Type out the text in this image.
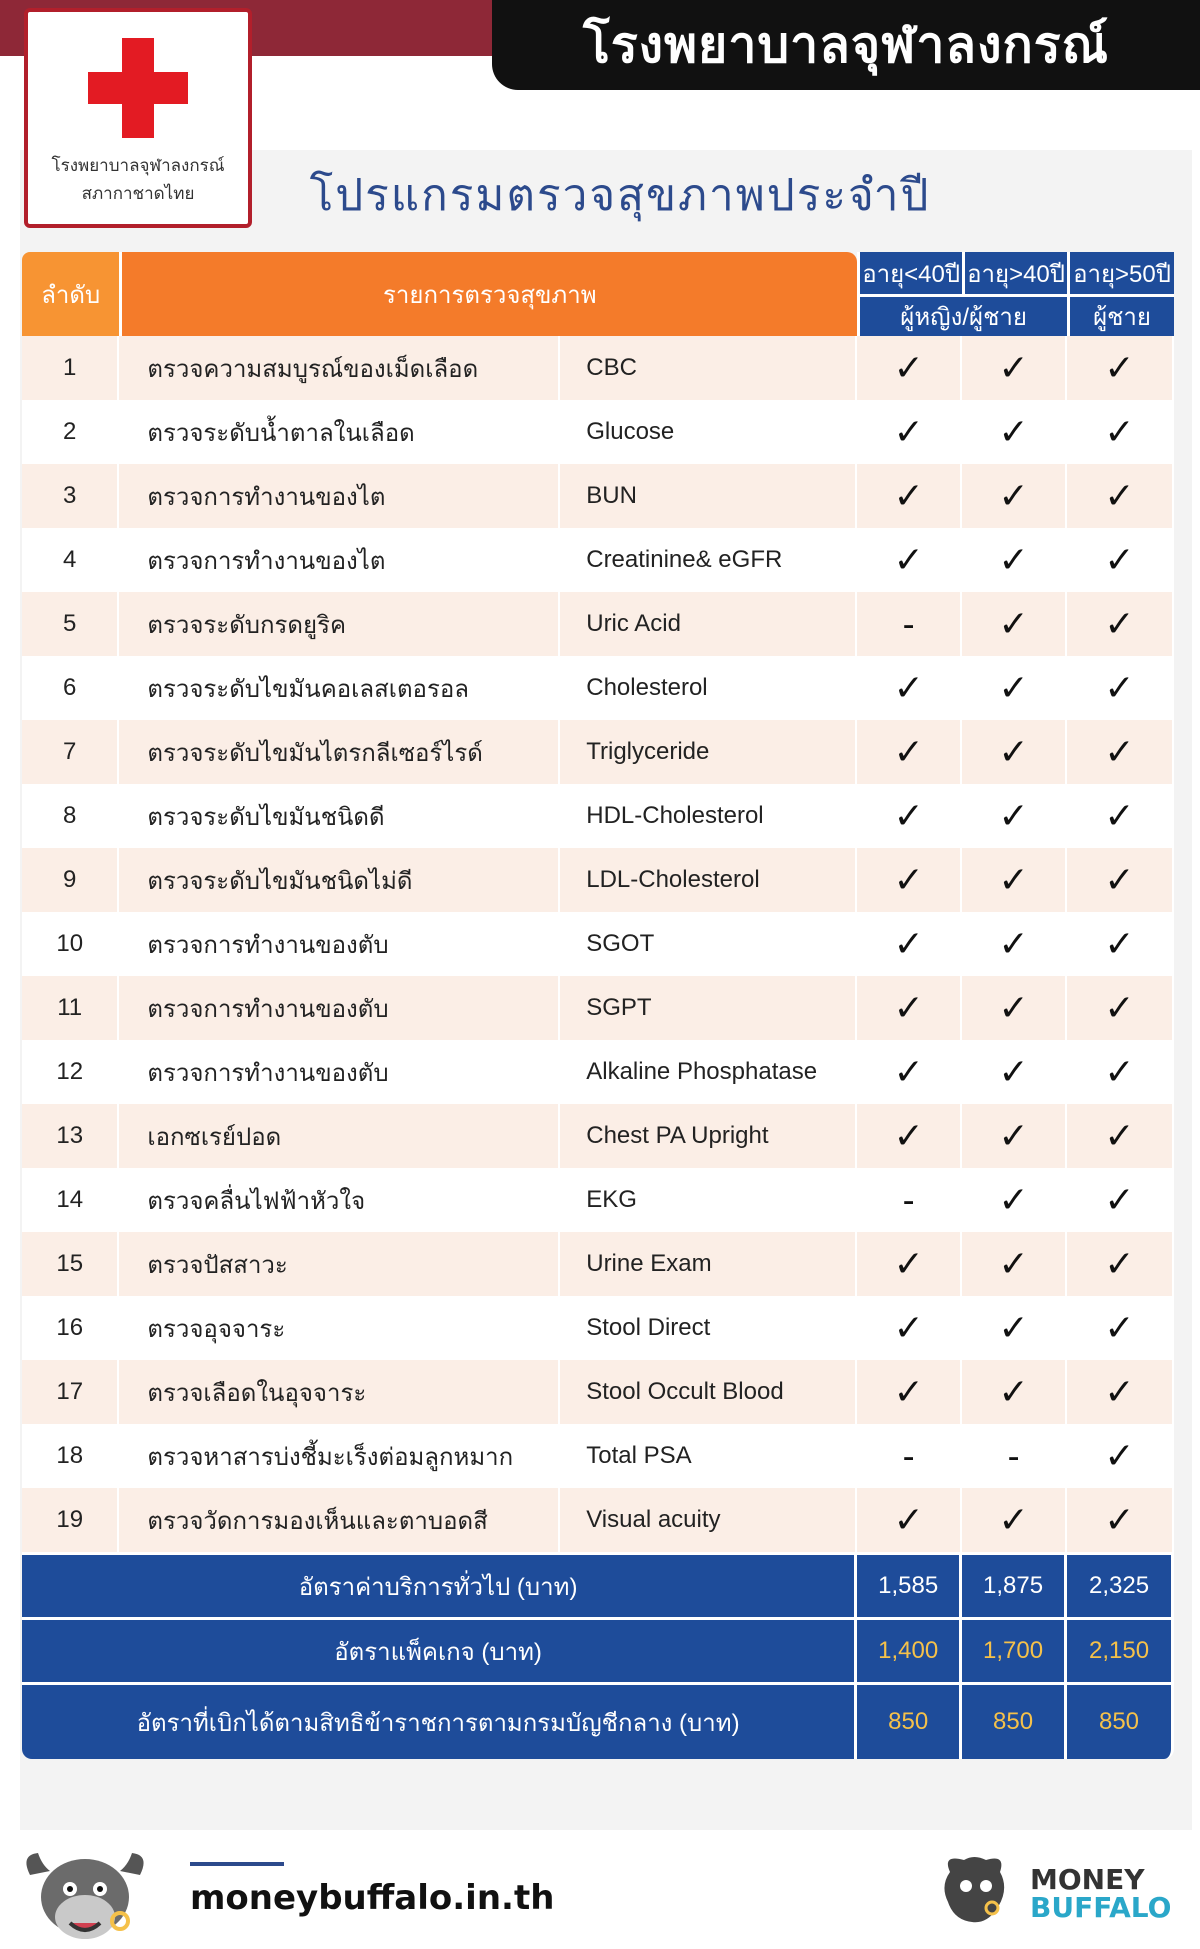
โรงพยาบาลจุฬาลงกรณ์
โรงพยาบาลจุฬาลงกรณ์
สภากาชาดไทย	โปรแกรมตรวจสุขภาพประจำปี
ลำดับ	รายการตรวจสุขภาพ		อายุ<40ปี	อายุ>40ปี	อายุ>50ปี
			ผู้หญิง/ผู้ชาย		ผู้ชาย
1	ตรวจความสมบูรณ์ของเม็ดเลือด	CBC	✓	✓	✓
2	ตรวจระดับน้ำตาลในเลือด	Glucose	✓	✓	✓
3	ตรวจการทำงานของไต	BUN	✓	✓	✓
4	ตรวจการทำงานของไต	Creatinine& eGFR	✓	✓	✓
5	ตรวจระดับกรดยูริค	Uric Acid	-	✓	✓
6	ตรวจระดับไขมันคอเลสเตอรอล	Cholesterol	✓	✓	✓
7	ตรวจระดับไขมันไตรกลีเซอร์ไรด์	Triglyceride	✓	✓	✓
8	ตรวจระดับไขมันชนิดดี	HDL-Cholesterol	✓	✓	✓
9	ตรวจระดับไขมันชนิดไม่ดี	LDL-Cholesterol	✓	✓	✓
10	ตรวจการทำงานของตับ	SGOT	✓	✓	✓
11	ตรวจการทำงานของตับ	SGPT	✓	✓	✓
12	ตรวจการทำงานของตับ	Alkaline Phosphatase	✓	✓	✓
13	เอกซเรย์ปอด	Chest PA Upright	✓	✓	✓
14	ตรวจคลื่นไฟฟ้าหัวใจ	EKG	-	✓	✓
15	ตรวจปัสสาวะ	Urine Exam	✓	✓	✓
16	ตรวจอุจจาระ	Stool Direct	✓	✓	✓
17	ตรวจเลือดในอุจจาระ	Stool Occult Blood	✓	✓	✓
18	ตรวจหาสารบ่งชี้มะเร็งต่อมลูกหมาก	Total PSA	-	-	✓
19	ตรวจวัดการมองเห็นและตาบอดสี	Visual acuity	✓	✓	✓
อัตราค่าบริการทั่วไป (บาท)			1,585	1,875	2,325
อัตราแพ็คเกจ (บาท)			1,400	1,700	2,150
อัตราที่เบิกได้ตามสิทธิข้าราชการตามกรมบัญชีกลาง (บาท)			850	850	850
moneybuffalo.in.th	MONEY
BUFFALO
